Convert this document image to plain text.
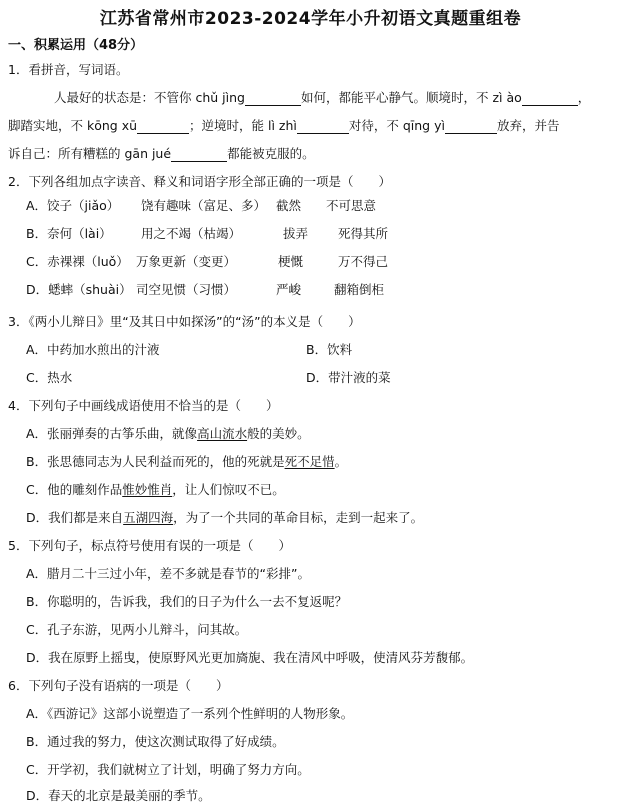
江苏省常州市2023-2024学年小升初语文真题重组卷
一、积累运用（48分）
1．看拼音，写词语。
人最好的状态是：不管你 chǔ jìng	如何，都能平心静气。顺境时，不 zì ào	，
脚踏实地，不 kōng xū	；逆境时，能 lì zhì	对待，不 qīng yì	放弃，并告
诉自己：所有糟糕的 gān jué	都能被克服的。
2．下列各组加点字读音、释义和词语字形全部正确的一项是（　　）
A．饺子（jiǎo） 饶有趣味（富足、多） 截然 不可思意
B．奈何（lài） 用之不竭（枯竭）	拔弄 死得其所
C．赤裸裸（luǒ） 万象更新（变更）	梗慨	万不得己
D．蟋蟀（shuài） 司空见惯（习惯）	严峻	翻箱倒柜
3．《两小儿辩日》里“及其日中如探汤”的“汤”的本义是（　　）
A．中药加水煎出的汁液	B．饮料
C．热水	D．带汁液的菜
4．下列句子中画线成语使用不恰当的是（　　）
A．张丽弹奏的古筝乐曲，就像高山流水般的美妙。
B．张思德同志为人民利益而死的，他的死就是死不足惜。
C．他的雕刻作品惟妙惟肖，让人们惊叹不已。
D．我们都是来自五湖四海，为了一个共同的革命目标，走到一起来了。
5．下列句子，标点符号使用有误的一项是（　　）
A．腊月二十三过小年，差不多就是春节的“彩排”。
B．你聪明的，告诉我，我们的日子为什么一去不复返呢？
C．孔子东游，见两小儿辩斗，问其故。
D．我在原野上摇曳，使原野风光更加旖旎、我在清风中呼吸，使清风芬芳馥郁。
6．下列句子没有语病的一项是（　　）
A．《西游记》这部小说塑造了一系列个性鲜明的人物形象。
B．通过我的努力，使这次测试取得了好成绩。
C．开学初，我们就树立了计划，明确了努力方向。
D．春天的北京是最美丽的季节。
